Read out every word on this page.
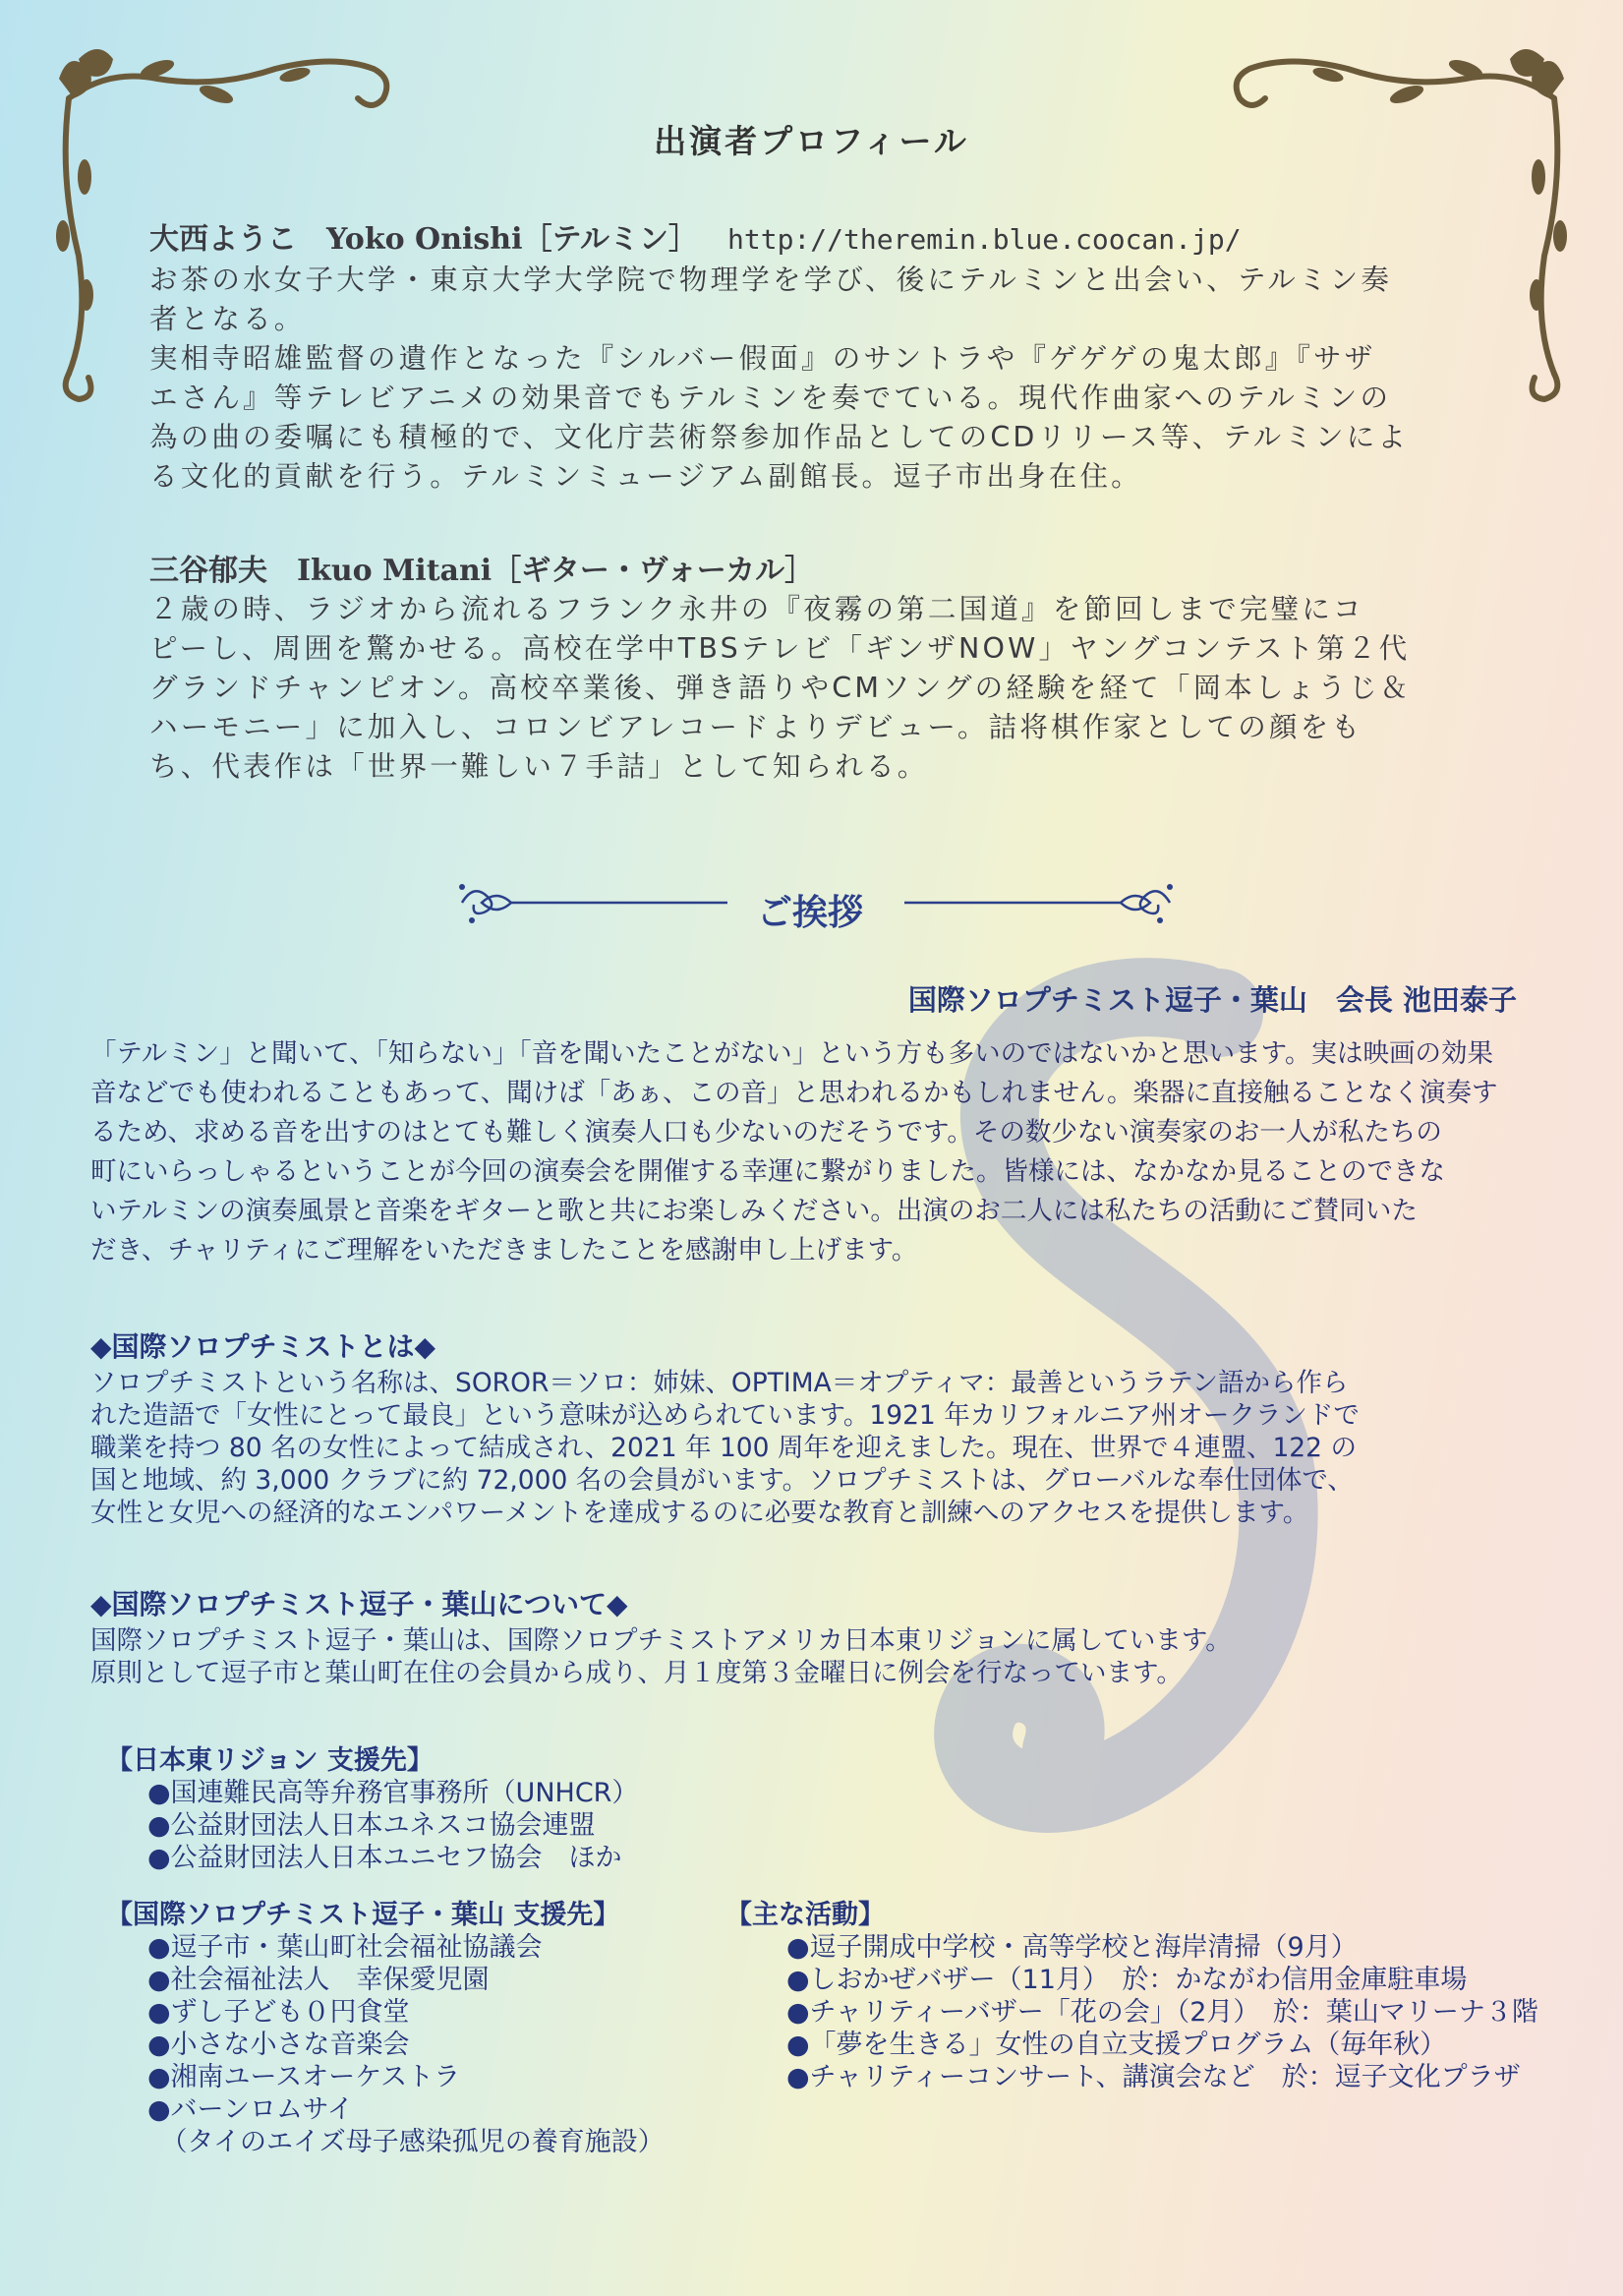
出演者プロフィール
大西ようこ　Yoko Onishi［テルミン］ http://theremin.blue.coocan.jp/
お茶の水女子大学・東京大学大学院で物理学を学び、後にテルミンと出会い、テルミン奏
者となる。
実相寺昭雄監督の遺作となった『シルバー假面』のサントラや『ゲゲゲの鬼太郎』『サザ
エさん』等テレビアニメの効果音でもテルミンを奏でている。現代作曲家へのテルミンの
為の曲の委嘱にも積極的で、文化庁芸術祭参加作品としてのCDリリース等、テルミンによ
る文化的貢献を行う。テルミンミュージアム副館長。逗子市出身在住。
三谷郁夫　Ikuo Mitani［ギター・ヴォーカル］
２歳の時、ラジオから流れるフランク永井の『夜霧の第二国道』を節回しまで完璧にコ
ピーし、周囲を驚かせる。高校在学中TBSテレビ「ギンザNOW」ヤングコンテスト第２代
グランドチャンピオン。高校卒業後、弾き語りやCMソングの経験を経て「岡本しょうじ＆
ハーモニー」に加入し、コロンビアレコードよりデビュー。詰将棋作家としての顔をも
ち、代表作は「世界一難しい７手詰」として知られる。
ご挨拶
国際ソロプチミスト逗子・葉山　会長 池田泰子
「テルミン」と聞いて、「知らない」「音を聞いたことがない」という方も多いのではないかと思います。実は映画の効果
音などでも使われることもあって、聞けば「あぁ、この音」と思われるかもしれません。楽器に直接触ることなく演奏す
るため、求める音を出すのはとても難しく演奏人口も少ないのだそうです。その数少ない演奏家のお一人が私たちの
町にいらっしゃるということが今回の演奏会を開催する幸運に繋がりました。皆様には、なかなか見ることのできな
いテルミンの演奏風景と音楽をギターと歌と共にお楽しみください。出演のお二人には私たちの活動にご賛同いた
だき、チャリティにご理解をいただきましたことを感謝申し上げます。
◆国際ソロプチミストとは◆
ソロプチミストという名称は、SOROR＝ソロ：姉妹、OPTIMA＝オプティマ：最善というラテン語から作ら
れた造語で「女性にとって最良」という意味が込められています。1921 年カリフォルニア州オークランドで
職業を持つ 80 名の女性によって結成され、2021 年 100 周年を迎えました。現在、世界で４連盟、122 の
国と地域、約 3,000 クラブに約 72,000 名の会員がいます。ソロプチミストは、グローバルな奉仕団体で、
女性と女児への経済的なエンパワーメントを達成するのに必要な教育と訓練へのアクセスを提供します。
◆国際ソロプチミスト逗子・葉山について◆
国際ソロプチミスト逗子・葉山は、国際ソロプチミストアメリカ日本東リジョンに属しています。
原則として逗子市と葉山町在住の会員から成り、月１度第３金曜日に例会を行なっています。
【日本東リジョン 支援先】
●国連難民高等弁務官事務所（UNHCR）
●公益財団法人日本ユネスコ協会連盟
●公益財団法人日本ユニセフ協会　ほか
【国際ソロプチミスト逗子・葉山 支援先】
●逗子市・葉山町社会福祉協議会
●社会福祉法人　幸保愛児園
●ずし子ども０円食堂
●小さな小さな音楽会
●湘南ユースオーケストラ
●バーンロムサイ
　（タイのエイズ母子感染孤児の養育施設）
【主な活動】
●逗子開成中学校・高等学校と海岸清掃（9月）
●しおかぜバザー（11月）　於：かながわ信用金庫駐車場
●チャリティーバザー「花の会」（2月）　於：葉山マリーナ３階
●「夢を生きる」女性の自立支援プログラム（毎年秋）
●チャリティーコンサート、講演会など　於：逗子文化プラザ
